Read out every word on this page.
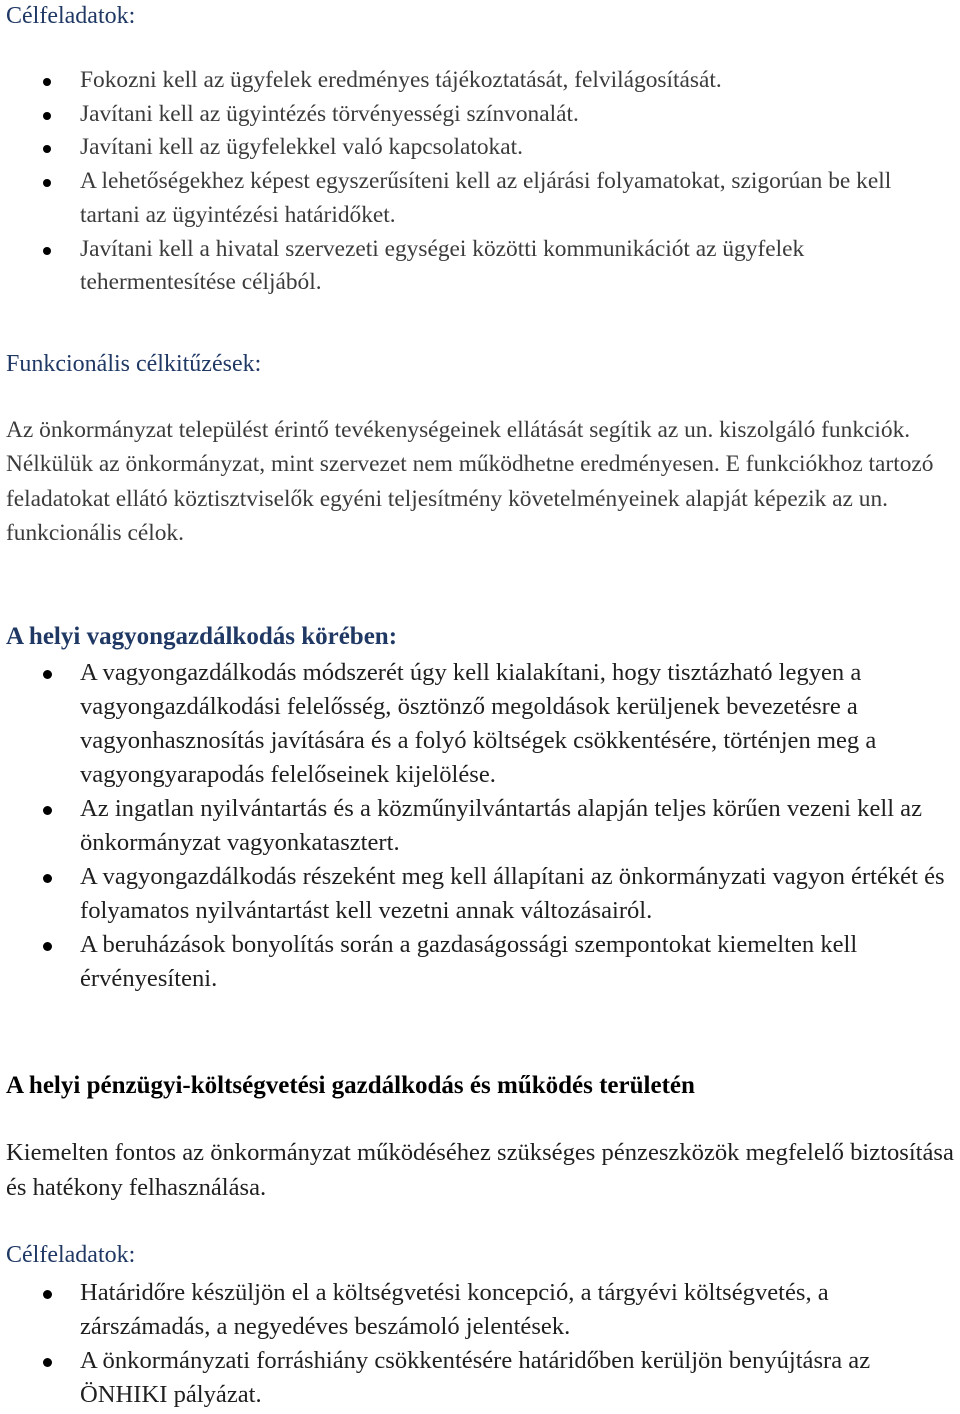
Célfeladatok:
Fokozni kell az ügyfelek eredményes tájékoztatását, felvilágosítását.
Javítani kell az ügyintézés törvényességi színvonalát.
Javítani kell az ügyfelekkel való kapcsolatokat.
A lehetőségekhez képest egyszerűsíteni kell az eljárási folyamatokat, szigorúan be kell tartani az ügyintézési határidőket.
Javítani kell a hivatal szervezeti egységei közötti kommunikációt az ügyfelek tehermentesítése céljából.
Funkcionális célkitűzések:

Az önkormányzat települést érintő tevékenységeinek ellátását segítik az un. kiszolgáló funkciók. Nélkülük az önkormányzat, mint szervezet nem működhetne eredményesen. E funkciókhoz tartozó feladatokat ellátó köztisztviselők egyéni teljesítmény követelményeinek alapját képezik az un. funkcionális célok.

A helyi vagyongazdálkodás körében:
A vagyongazdálkodás módszerét úgy kell kialakítani, hogy tisztázható legyen a vagyongazdálkodási felelősség, ösztönző megoldások kerüljenek bevezetésre a vagyonhasznosítás javítására és a folyó költségek csökkentésére, történjen meg a vagyongyarapodás felelőseinek kijelölése.
Az ingatlan nyilvántartás és a közműnyilvántartás alapján teljes körűen vezeni kell az önkormányzat vagyonkatasztert.
A vagyongazdálkodás részeként meg kell állapítani az önkormányzati vagyon értékét és folyamatos nyilvántartást kell vezetni annak változásairól.
A beruházások bonyolítás során a gazdaságossági szempontokat kiemelten kell érvényesíteni.
A helyi pénzügyi-költségvetési gazdálkodás és működés területén

Kiemelten fontos az önkormányzat működéséhez szükséges pénzeszközök megfelelő biztosítása és hatékony felhasználása.

Célfeladatok:
Határidőre készüljön el a költségvetési koncepció, a tárgyévi költségvetés, a zárszámadás, a negyedéves beszámoló jelentések.
A önkormányzati forráshiány csökkentésére határidőben kerüljön benyújtásra az ÖNHIKI pályázat.
